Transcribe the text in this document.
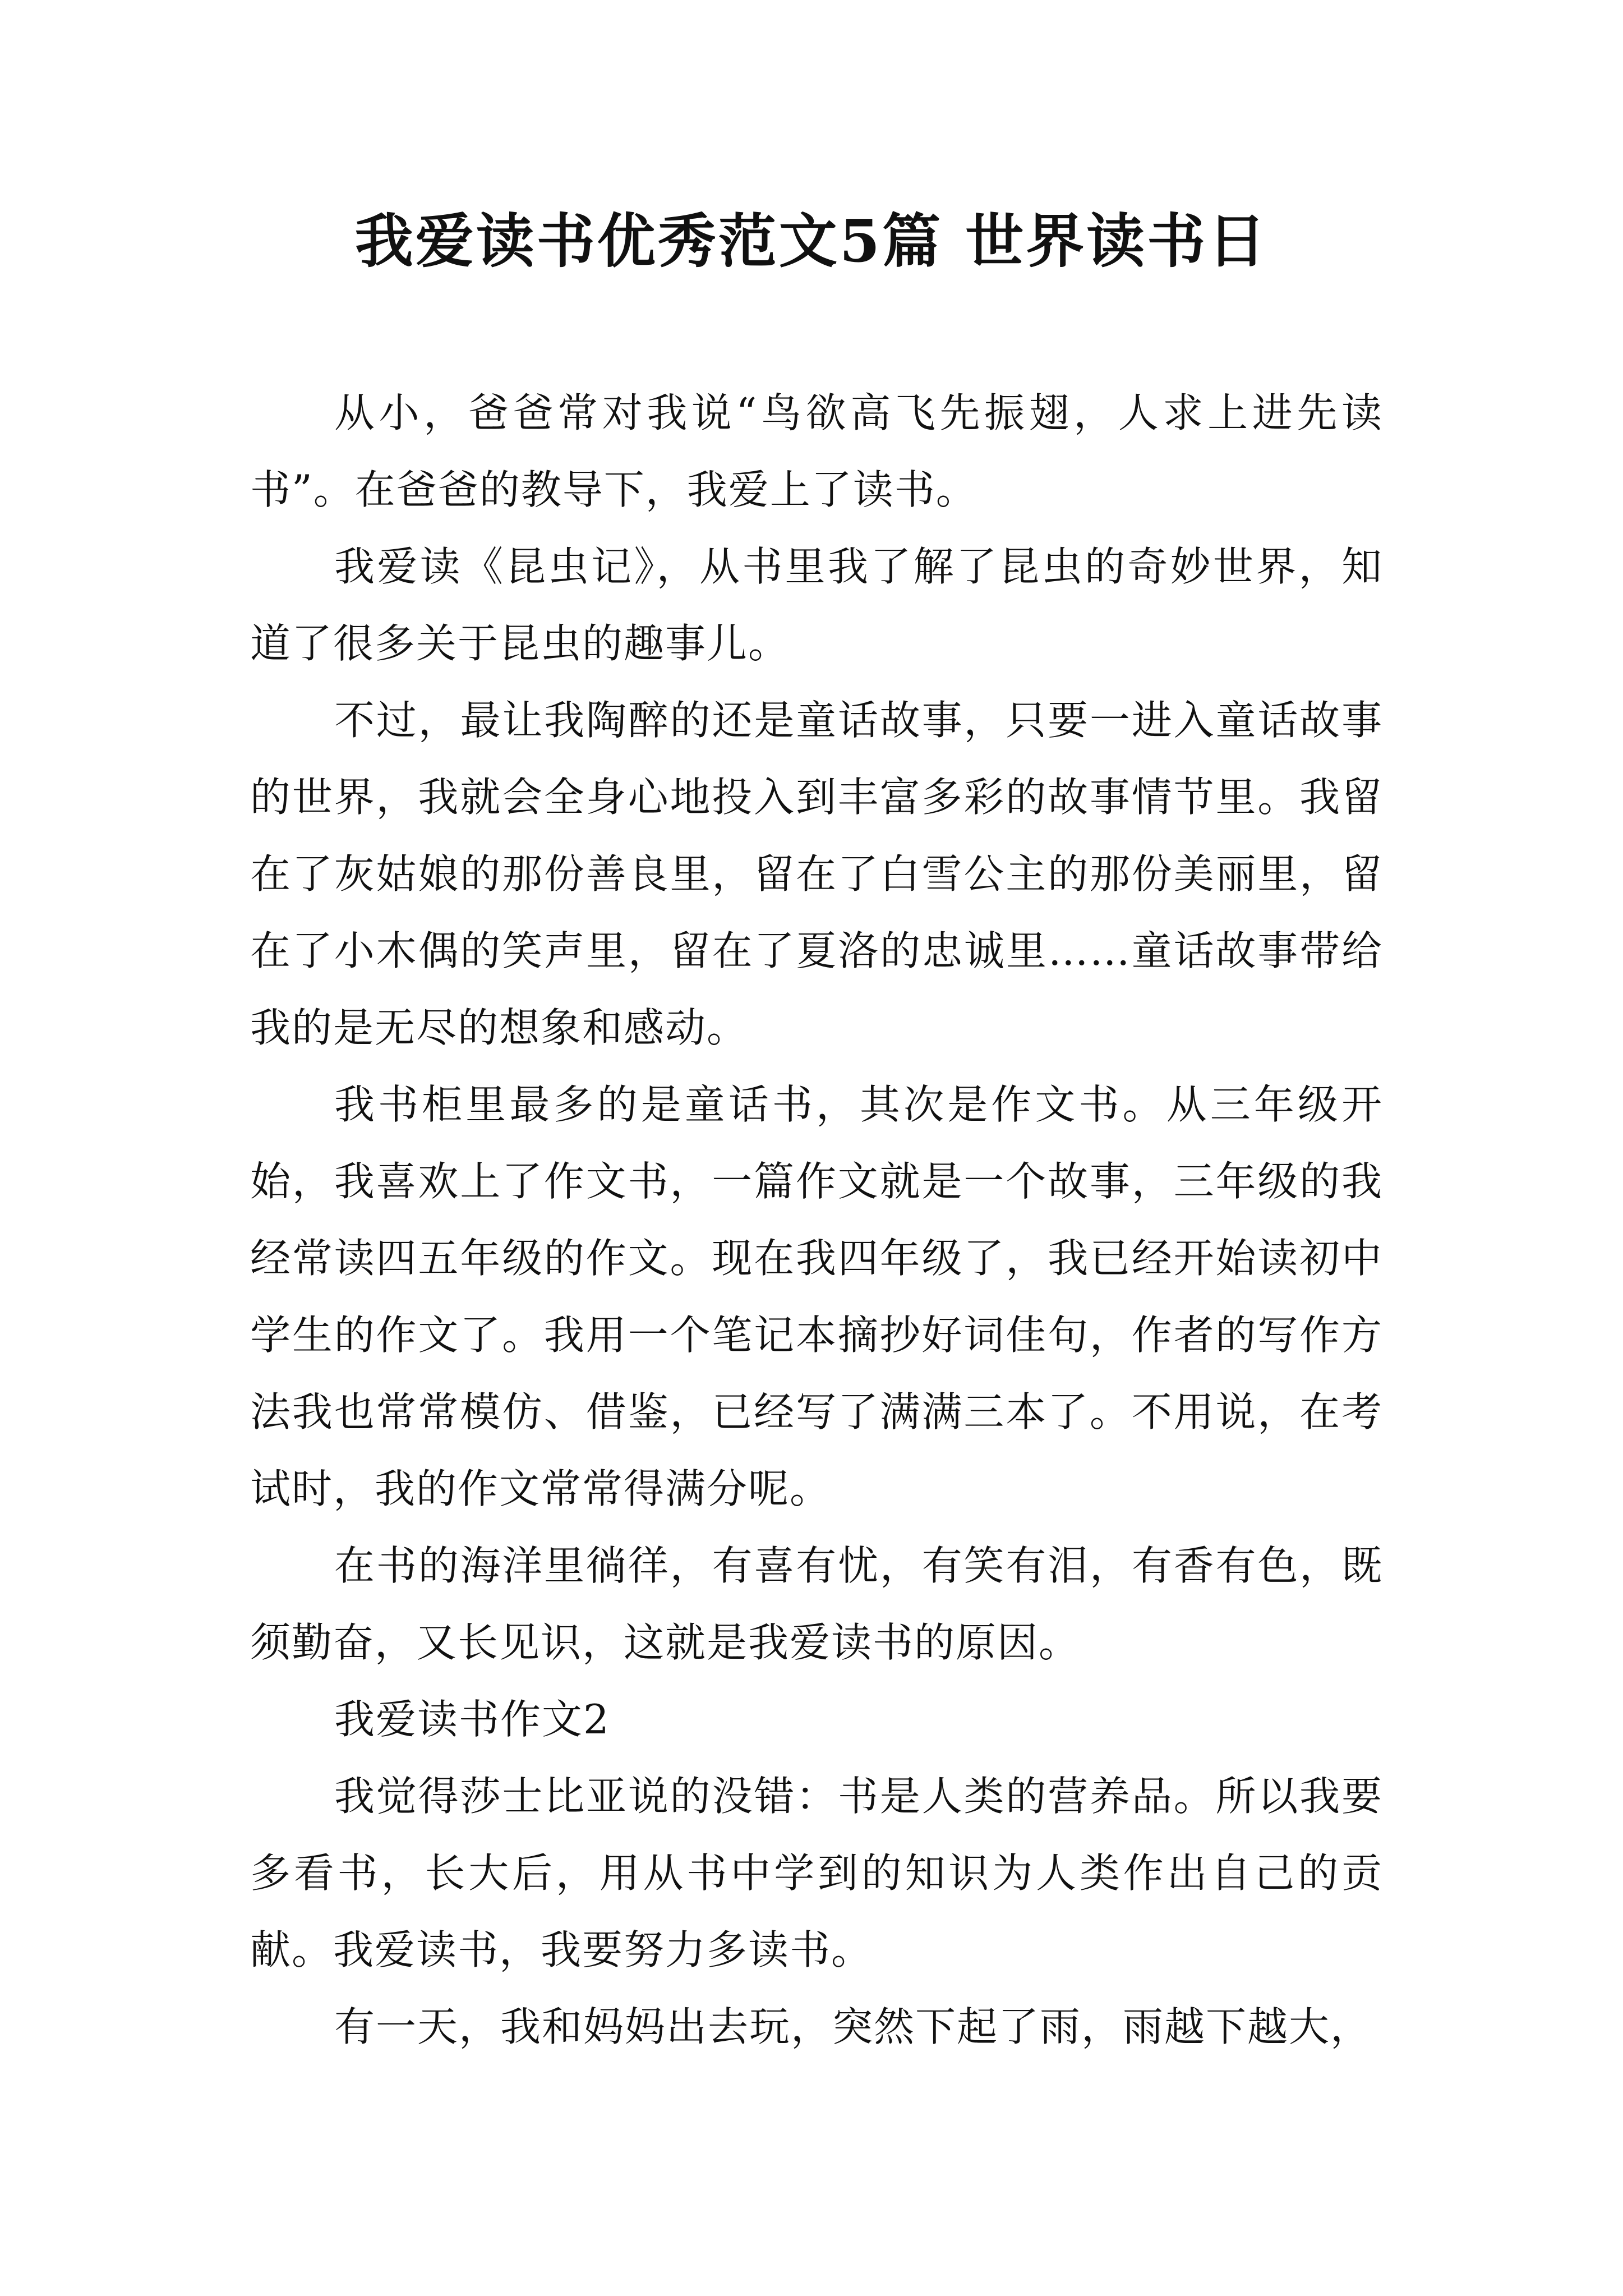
我爱读书优秀范文5篇 世界读书日

从小，爸爸常对我说“鸟欲高飞先振翅，人求上进先读书”。在爸爸的教导下，我爱上了读书。

我爱读《昆虫记》，从书里我了解了昆虫的奇妙世界，知道了很多关于昆虫的趣事儿。

不过，最让我陶醉的还是童话故事，只要一进入童话故事的世界，我就会全身心地投入到丰富多彩的故事情节里。我留在了灰姑娘的那份善良里，留在了白雪公主的那份美丽里，留在了小木偶的笑声里，留在了夏洛的忠诚里……童话故事带给我的是无尽的想象和感动。

我书柜里最多的是童话书，其次是作文书。从三年级开始，我喜欢上了作文书，一篇作文就是一个故事，三年级的我经常读四五年级的作文。现在我四年级了，我已经开始读初中学生的作文了。我用一个笔记本摘抄好词佳句，作者的写作方法我也常常模仿、借鉴，已经写了满满三本了。不用说，在考试时，我的作文常常得满分呢。

在书的海洋里徜徉，有喜有忧，有笑有泪，有香有色，既须勤奋，又长见识，这就是我爱读书的原因。

我爱读书作文2

我觉得莎士比亚说的没错：书是人类的营养品。所以我要多看书，长大后，用从书中学到的知识为人类作出自己的贡献。我爱读书，我要努力多读书。

有一天，我和妈妈出去玩，突然下起了雨，雨越下越大，
